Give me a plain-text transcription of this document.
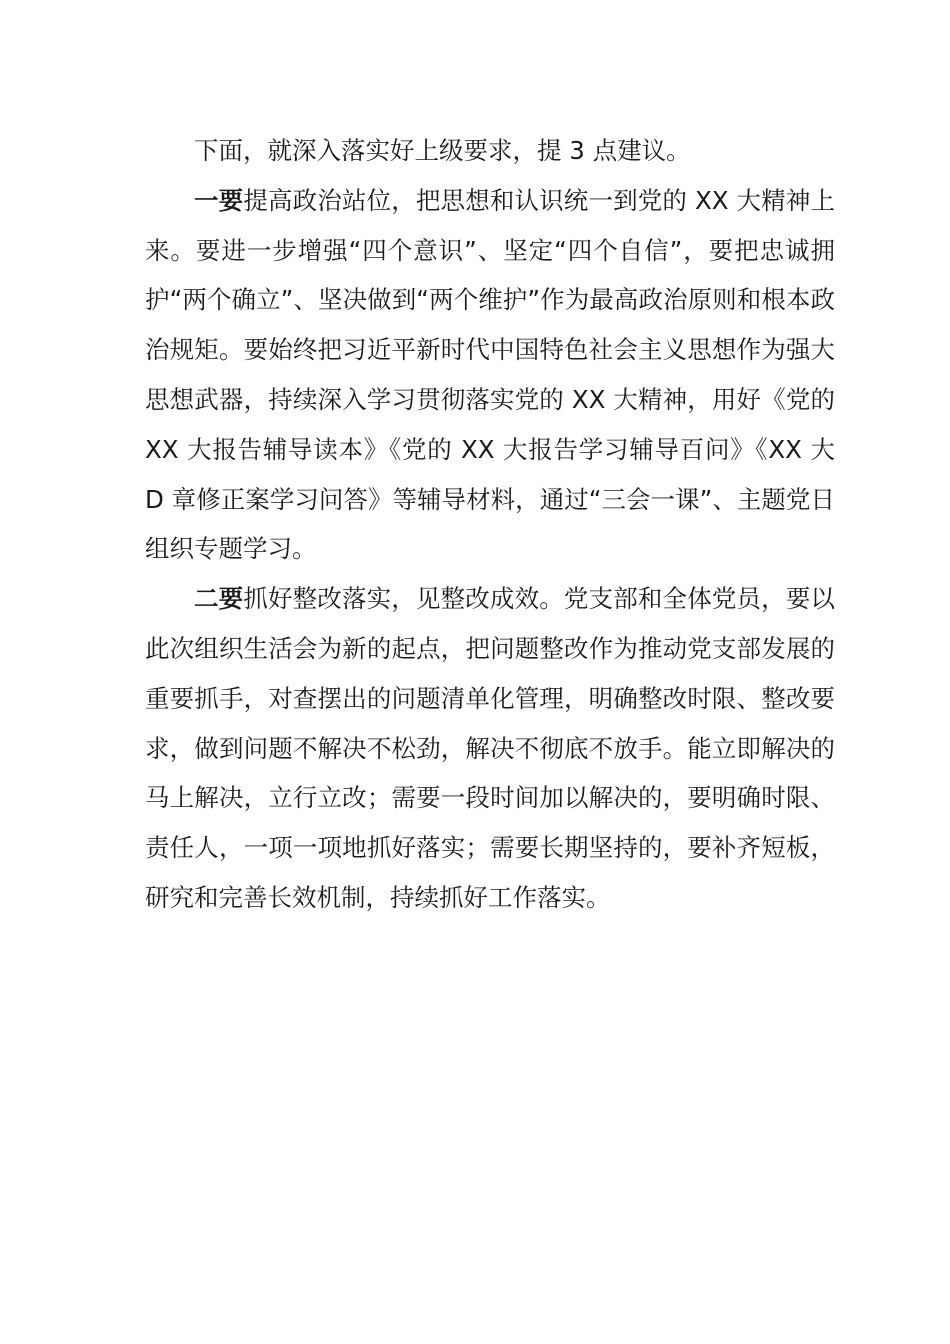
下面，就深入落实好上级要求，提 3 点建议。

一要提高政治站位，把思想和认识统一到党的 XX 大精神上来。要进一步增强“四个意识”、坚定“四个自信”，要把忠诚拥护“两个确立”、坚决做到“两个维护”作为最高政治原则和根本政治规矩。要始终把习近平新时代中国特色社会主义思想作为强大思想武器，持续深入学习贯彻落实党的 XX 大精神，用好《党的 XX 大报告辅导读本》《党的 XX 大报告学习辅导百问》《XX 大 D 章修正案学习问答》等辅导材料，通过“三会一课”、主题党日组织专题学习。

二要抓好整改落实，见整改成效。党支部和全体党员，要以此次组织生活会为新的起点，把问题整改作为推动党支部发展的重要抓手，对查摆出的问题清单化管理，明确整改时限、整改要求，做到问题不解决不松劲，解决不彻底不放手。能立即解决的马上解决，立行立改；需要一段时间加以解决的，要明确时限、责任人，一项一项地抓好落实；需要长期坚持的，要补齐短板，研究和完善长效机制，持续抓好工作落实。
